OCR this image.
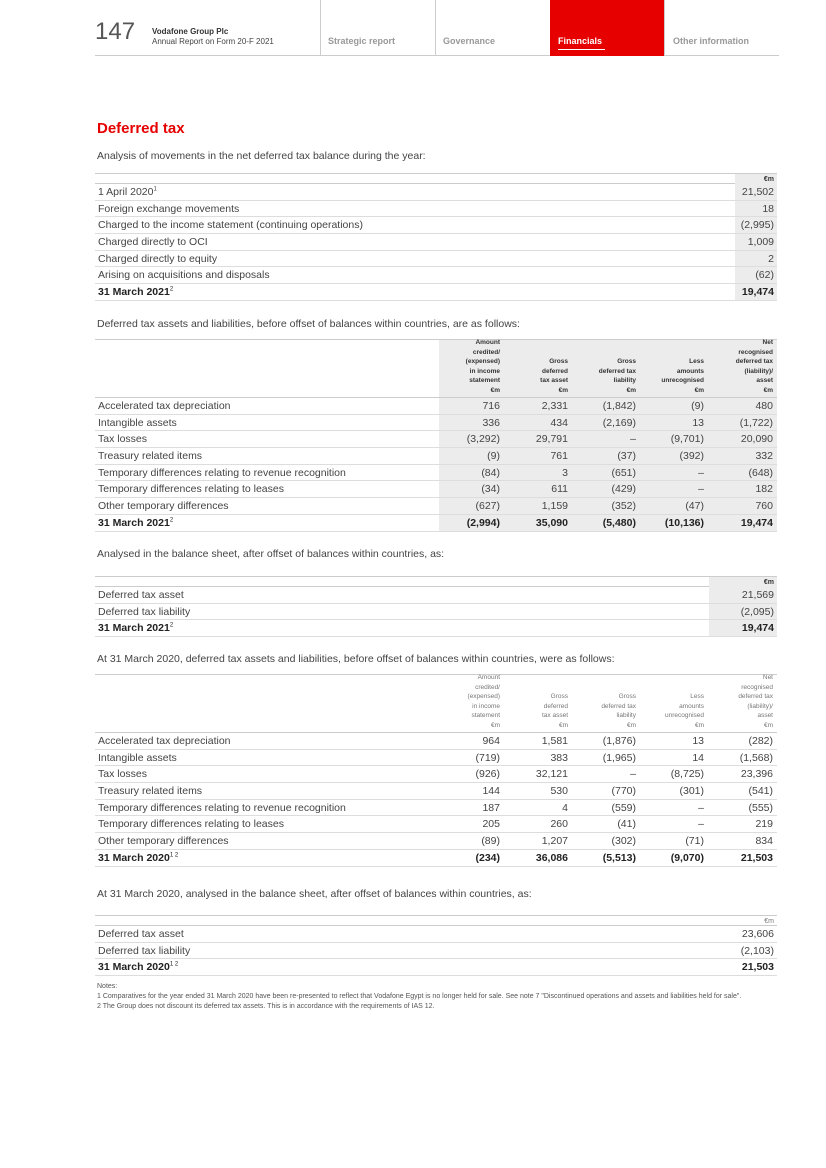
147 Vodafone Group Plc
Annual Report on Form 20-F 2021	Strategic report	Governance	Financials	Other information
Deferred tax
Analysis of movements in the net deferred tax balance during the year:
€m
1 April 2020$^1$	21,502
Foreign exchange movements	18
Charged to the income statement (continuing operations)	(2,995)
Charged directly to OCI	1,009
Charged directly to equity	2
Arising on acquisitions and disposals	(62)
31 March 2021$^2$	19,474
Deferred tax assets and liabilities, before offset of balances within countries, are as follows:
Amount
credited/
(expensed)
in income
statement
€m
Gross
deferred
tax asset
€m
Gross
deferred tax
liability
€m
Less
amounts
unrecognised
€m
Net
recognised
deferred tax
(liability)/
asset
€m
Accelerated tax depreciation	716	2,331	(1,842)	(9)	480
Intangible assets	336	434	(2,169)	13	(1,722)
Tax losses	(3,292)	29,791	–	(9,701)	20,090
Treasury related items	(9)	761	(37)	(392)	332
Temporary differences relating to revenue recognition	(84)	3	(651)	–	(648)
Temporary differences relating to leases	(34)	611	(429)	–	182
Other temporary differences	(627)	1,159	(352)	(47)	760
31 March 2021$^2$	(2,994)	35,090	(5,480)	(10,136)	19,474
Analysed in the balance sheet, after offset of balances within countries, as:
€m
Deferred tax asset	21,569
Deferred tax liability	(2,095)
31 March 2021$^2$	19,474
At 31 March 2020, deferred tax assets and liabilities, before offset of balances within countries, were as follows:
Amount
credited/
(expensed)
in income
statement
€m
Gross
deferred
tax asset
€m
Gross
deferred tax
liability
€m
Less
amounts
unrecognised
€m
Net
recognised
deferred tax
(liability)/
asset
€m
Accelerated tax depreciation	964	1,581	(1,876)	13	(282)
Intangible assets	(719)	383	(1,965)	14	(1,568)
Tax losses	(926)	32,121	–	(8,725)	23,396
Treasury related items	144	530	(770)	(301)	(541)
Temporary differences relating to revenue recognition	187	4	(559)	–	(555)
Temporary differences relating to leases	205	260	(41)	–	219
Other temporary differences	(89)	1,207	(302)	(71)	834
31 March $2020^{1 2}$	(234)	36,086	(5,513)	(9,070)	21,503
At 31 March 2020, analysed in the balance sheet, after offset of balances within countries, as:
€m
Deferred tax asset	23,606
Deferred tax liability	(2,103)
31 March $2020^{1 2}$	21,503
Notes:
1 Comparatives for the year ended 31 March 2020 have been re-presented to reflect that Vodafone Egypt is no longer held for sale. See note 7 "Discontinued operations and assets and liabilities held for sale".
2 The Group does not discount its deferred tax assets. This is in accordance with the requirements of IAS 12.
